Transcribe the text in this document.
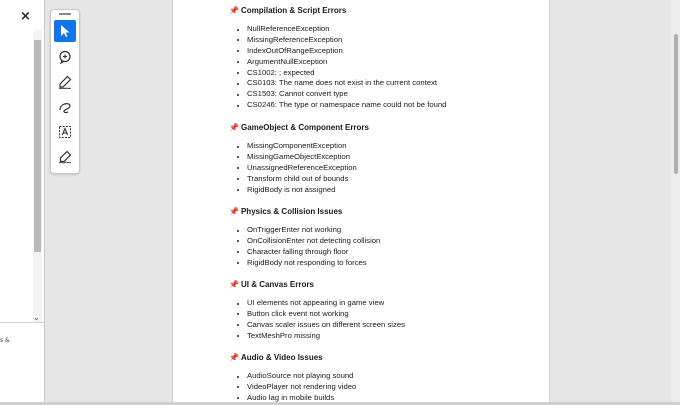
×
⌄
s &
📌 Compilation & Script Errors
NullReferenceException
MissingReferenceException
IndexOutOfRangeException
ArgumentNullException
CS1002: ; expected
CS0103: The name does not exist in the current context
CS1503: Cannot convert type
CS0246: The type or namespace name could not be found
📌 GameObject & Component Errors
MissingComponentException
MissingGameObjectException
UnassignedReferenceException
Transform child out of bounds
RigidBody is not assigned
📌 Physics & Collision Issues
OnTriggerEnter not working
OnCollisionEnter not detecting collision
Character falling through floor
RigidBody not responding to forces
📌 UI & Canvas Errors
UI elements not appearing in game view
Button click event not working
Canvas scaler issues on different screen sizes
TextMeshPro missing
📌 Audio & Video Issues
AudioSource not playing sound
VideoPlayer not rendering video
Audio lag in mobile builds
